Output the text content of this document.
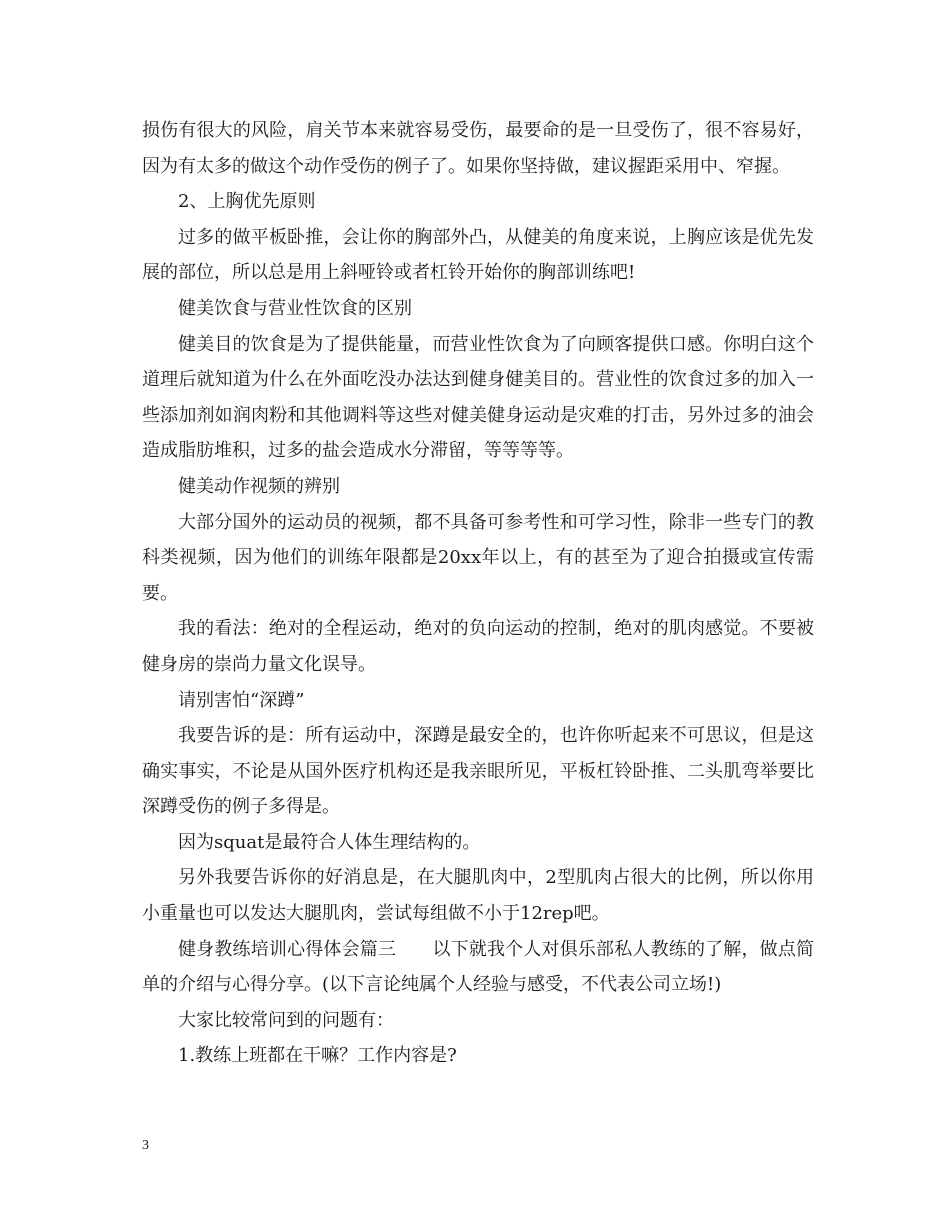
损伤有很大的风险，肩关节本来就容易受伤，最要命的是一旦受伤了，很不容易好，因为有太多的做这个动作受伤的例子了。如果你坚持做，建议握距采用中、窄握。

2、上胸优先原则

过多的做平板卧推，会让你的胸部外凸，从健美的角度来说，上胸应该是优先发展的部位，所以总是用上斜哑铃或者杠铃开始你的胸部训练吧!

健美饮食与营业性饮食的区别

健美目的饮食是为了提供能量，而营业性饮食为了向顾客提供口感。你明白这个道理后就知道为什么在外面吃没办法达到健身健美目的。营业性的饮食过多的加入一些添加剂如润肉粉和其他调料等这些对健美健身运动是灾难的打击，另外过多的油会造成脂肪堆积，过多的盐会造成水分滞留，等等等等。

健美动作视频的辨别

大部分国外的运动员的视频，都不具备可参考性和可学习性，除非一些专门的教科类视频，因为他们的训练年限都是20xx年以上，有的甚至为了迎合拍摄或宣传需要。

我的看法：绝对的全程运动，绝对的负向运动的控制，绝对的肌肉感觉。不要被健身房的崇尚力量文化误导。

请别害怕“深蹲”

我要告诉的是：所有运动中，深蹲是最安全的，也许你听起来不可思议，但是这确实事实，不论是从国外医疗机构还是我亲眼所见，平板杠铃卧推、二头肌弯举要比深蹲受伤的例子多得是。

因为squat是最符合人体生理结构的。

另外我要告诉你的好消息是，在大腿肌肉中，2型肌肉占很大的比例，所以你用小重量也可以发达大腿肌肉，尝试每组做不小于12rep吧。

健身教练培训心得体会篇三　　以下就我个人对俱乐部私人教练的了解，做点简单的介绍与心得分享。(以下言论纯属个人经验与感受，不代表公司立场!)

大家比较常问到的问题有：

1.教练上班都在干嘛？工作内容是?

3
